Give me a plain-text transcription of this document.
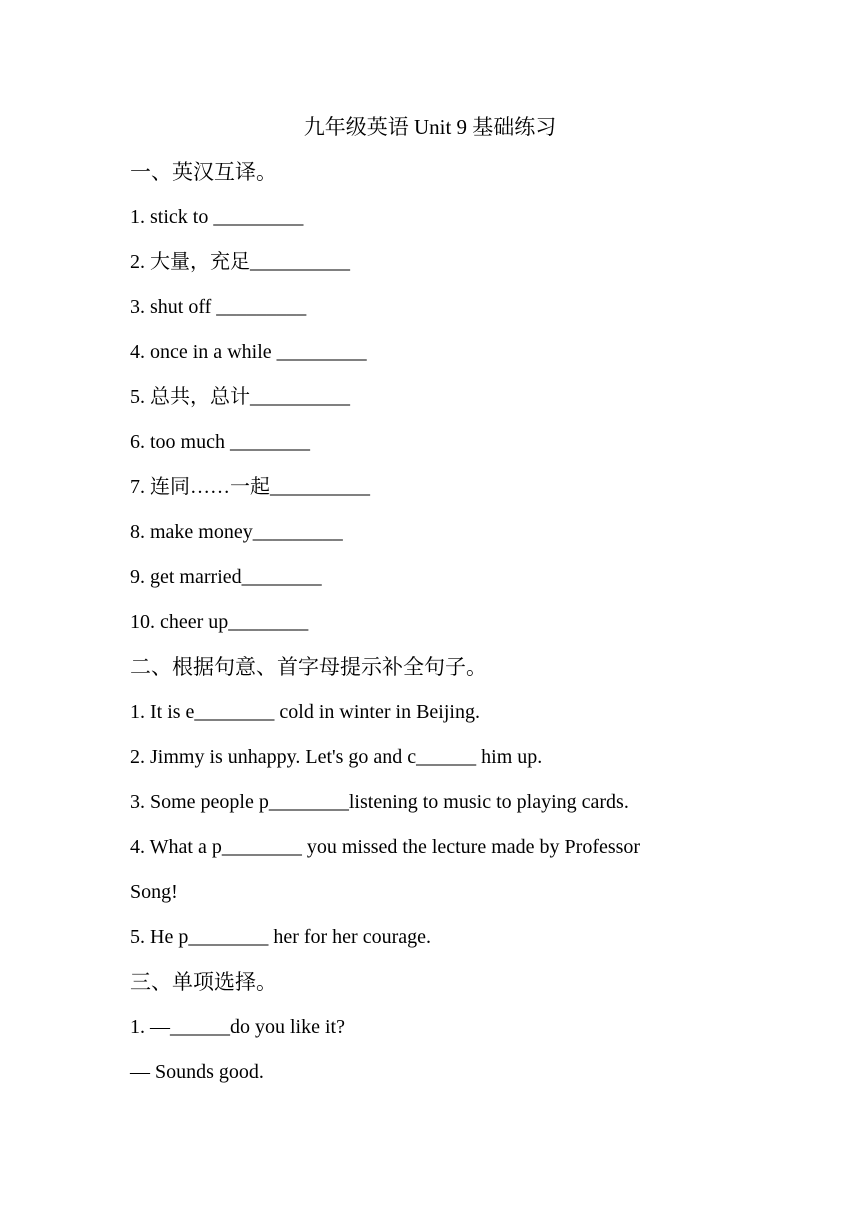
九年级英语 Unit 9 基础练习
一、英汉互译。
1. stick to _________
2. 大量，充足__________
3. shut off _________
4. once in a while _________
5. 总共，总计__________
6. too much ________
7. 连同……一起__________
8. make money_________
9. get married________
10. cheer up________
二、根据句意、首字母提示补全句子。
1. It is e________ cold in winter in Beijing.
2. Jimmy is unhappy. Let's go and c______ him up.
3. Some people p________listening to music to playing cards.
4. What a p________ you missed the lecture made by Professor
Song!
5. He p________ her for her courage.
三、单项选择。
1. —______do you like it?
— Sounds good.
